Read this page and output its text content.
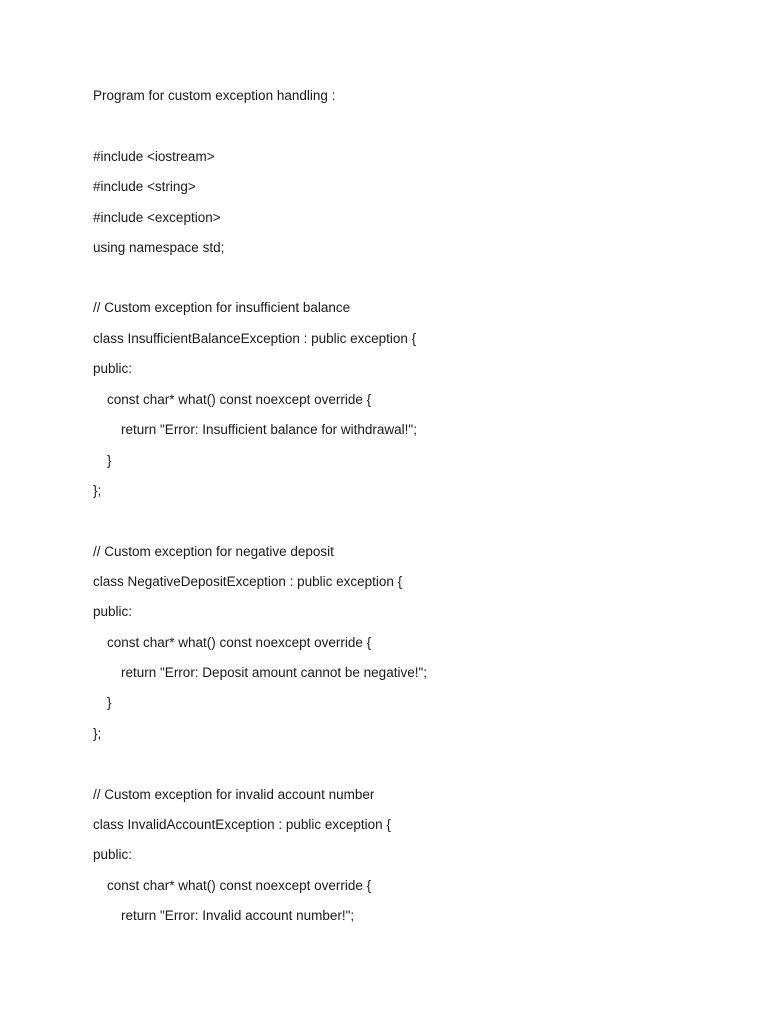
Program for custom exception handling :
#include <iostream>
#include <string>
#include <exception>
using namespace std;
// Custom exception for insufficient balance
class InsufficientBalanceException : public exception {
public:
const char* what() const noexcept override {
return "Error: Insufficient balance for withdrawal!";
}
};
// Custom exception for negative deposit
class NegativeDepositException : public exception {
public:
const char* what() const noexcept override {
return "Error: Deposit amount cannot be negative!";
}
};
// Custom exception for invalid account number
class InvalidAccountException : public exception {
public:
const char* what() const noexcept override {
return "Error: Invalid account number!";
